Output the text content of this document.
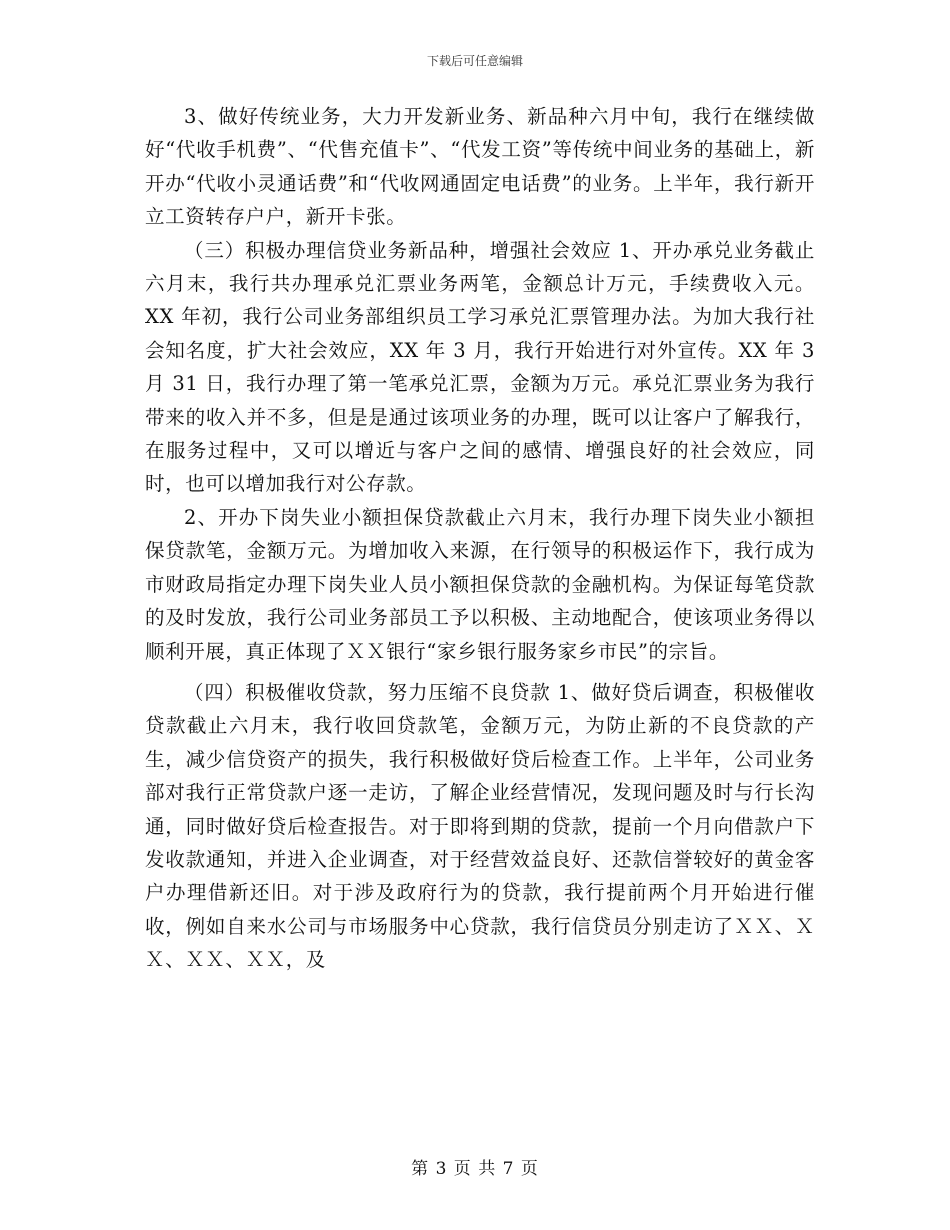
下载后可任意编辑

3、做好传统业务，大力开发新业务、新品种六月中旬，我行在继续做好“代收手机费”、“代售充值卡”、“代发工资”等传统中间业务的基础上，新开办“代收小灵通话费”和“代收网通固定电话费”的业务。上半年，我行新开立工资转存户户，新开卡张。

（三）积极办理信贷业务新品种，增强社会效应 1、开办承兑业务截止六月末，我行共办理承兑汇票业务两笔，金额总计万元，手续费收入元。XX 年初，我行公司业务部组织员工学习承兑汇票管理办法。为加大我行社会知名度，扩大社会效应，XX 年 3 月，我行开始进行对外宣传。XX 年 3 月 31 日，我行办理了第一笔承兑汇票，金额为万元。承兑汇票业务为我行带来的收入并不多，但是是通过该项业务的办理，既可以让客户了解我行，在服务过程中，又可以增近与客户之间的感情、增强良好的社会效应，同时，也可以增加我行对公存款。

2、开办下岗失业小额担保贷款截止六月末，我行办理下岗失业小额担保贷款笔，金额万元。为增加收入来源，在行领导的积极运作下，我行成为市财政局指定办理下岗失业人员小额担保贷款的金融机构。为保证每笔贷款的及时发放，我行公司业务部员工予以积极、主动地配合，使该项业务得以顺利开展，真正体现了ＸＸ银行“家乡银行服务家乡市民”的宗旨。

（四）积极催收贷款，努力压缩不良贷款 1、做好贷后调查，积极催收贷款截止六月末，我行收回贷款笔，金额万元，为防止新的不良贷款的产生，减少信贷资产的损失，我行积极做好贷后检查工作。上半年，公司业务部对我行正常贷款户逐一走访，了解企业经营情况，发现问题及时与行长沟通，同时做好贷后检查报告。对于即将到期的贷款，提前一个月向借款户下发收款通知，并进入企业调查，对于经营效益良好、还款信誉较好的黄金客户办理借新还旧。对于涉及政府行为的贷款，我行提前两个月开始进行催收，例如自来水公司与市场服务中心贷款，我行信贷员分别走访了ＸＸ、ＸＸ、ＸＸ、ＸＸ，及

第 3 页 共 7 页
